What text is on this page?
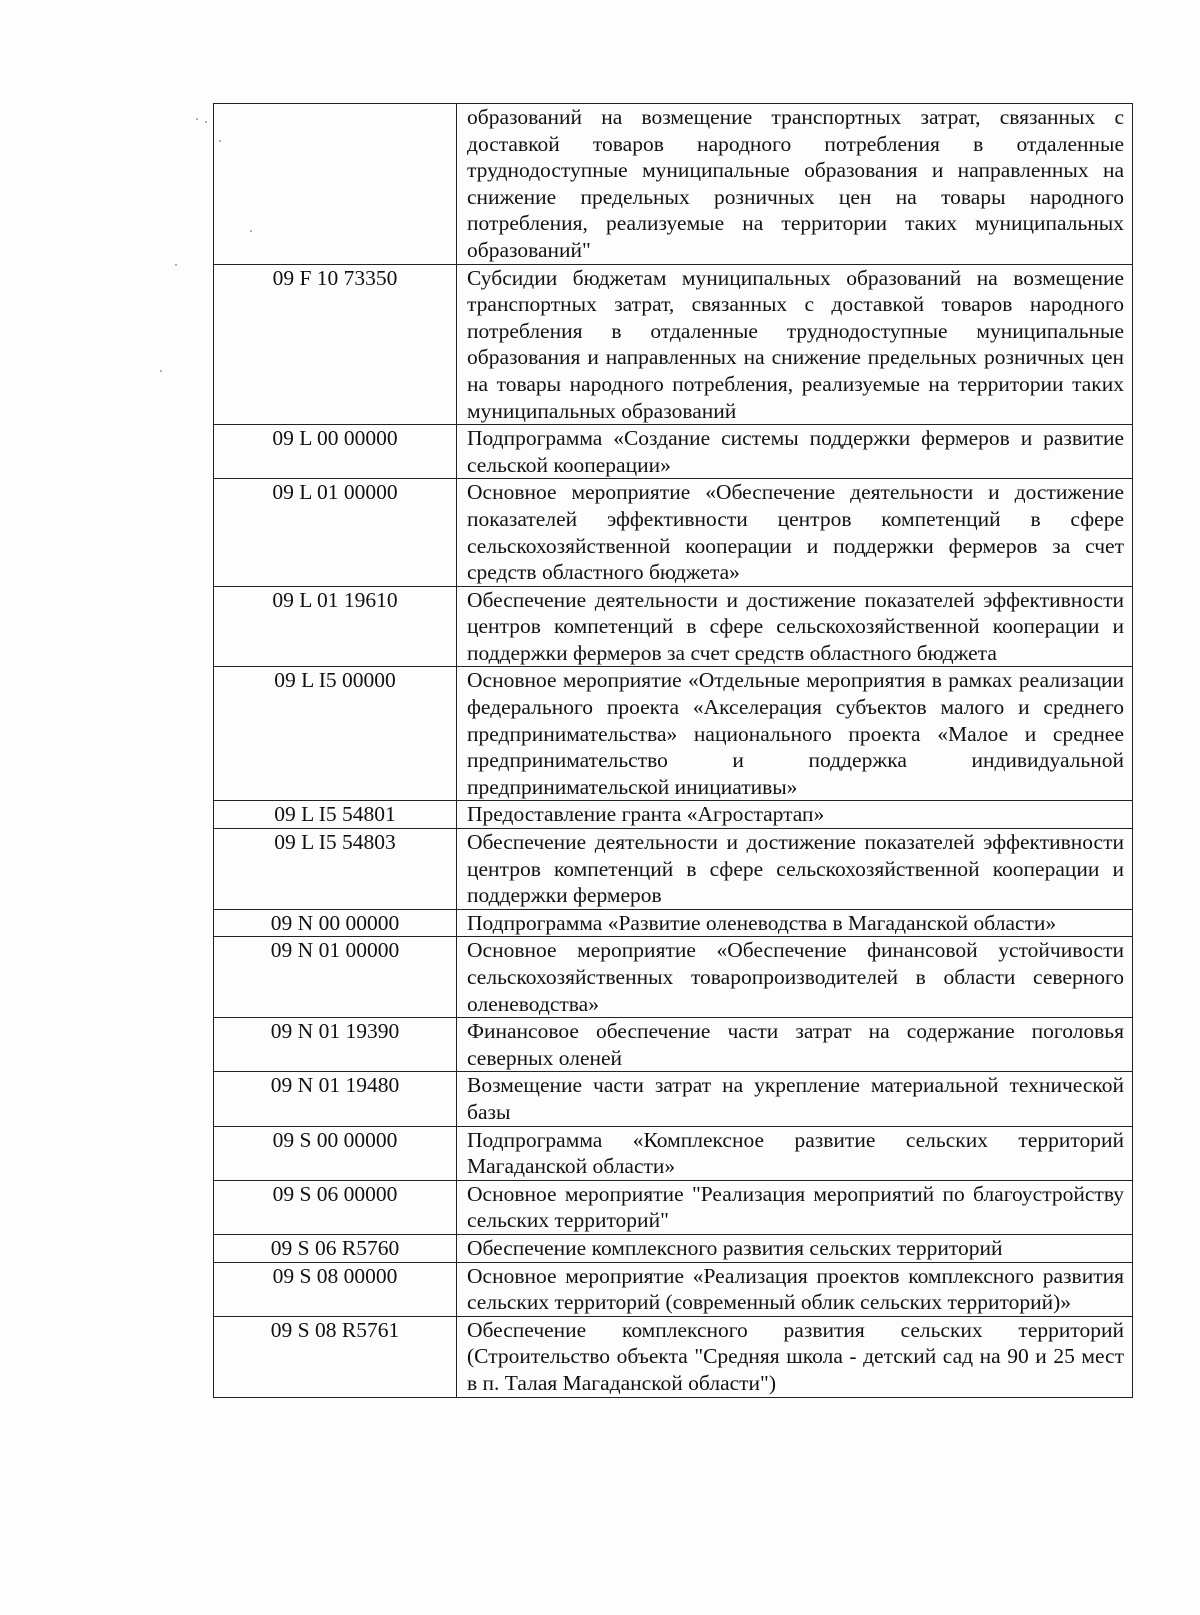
	образований на возмещение транспортных затрат, связанных с доставкой товаров народного потребления в отдаленные труднодоступные муниципальные образования и направленных на снижение предельных розничных цен на товары народного потребления, реализуемые на территории таких муниципальных образований"
09 F 10 73350	Субсидии бюджетам муниципальных образований на возмещение транспортных затрат, связанных с доставкой товаров народного потребления в отдаленные труднодоступные муниципальные образования и направленных на снижение предельных розничных цен на товары народного потребления, реализуемые на территории таких муниципальных образований
09 L 00 00000	Подпрограмма «Создание системы поддержки фермеров и развитие сельской кооперации»
09 L 01 00000	Основное мероприятие «Обеспечение деятельности и достижение показателей эффективности центров компетенций в сфере сельскохозяйственной кооперации и поддержки фермеров за счет средств областного бюджета»
09 L 01 19610	Обеспечение деятельности и достижение показателей эффективности центров компетенций в сфере сельскохозяйственной кооперации и поддержки фермеров за счет средств областного бюджета
09 L I5 00000	Основное мероприятие «Отдельные мероприятия в рамках реализации федерального проекта «Акселерация субъектов малого и среднего предпринимательства» национального проекта «Малое и среднее предпринимательство и поддержка индивидуальной предпринимательской инициативы»
09 L I5 54801	Предоставление гранта «Агростартап»
09 L I5 54803	Обеспечение деятельности и достижение показателей эффективности центров компетенций в сфере сельскохозяйственной кооперации и поддержки фермеров
09 N 00 00000	Подпрограмма «Развитие оленеводства в Магаданской области»
09 N 01 00000	Основное мероприятие «Обеспечение финансовой устойчивости сельскохозяйственных товаропроизводителей в области северного оленеводства»
09 N 01 19390	Финансовое обеспечение части затрат на содержание поголовья северных оленей
09 N 01 19480	Возмещение части затрат на укрепление материальной технической базы
09 S 00 00000	Подпрограмма «Комплексное развитие сельских территорий Магаданской области»
09 S 06 00000	Основное мероприятие "Реализация мероприятий по благоустройству сельских территорий"
09 S 06 R5760	Обеспечение комплексного развития сельских территорий
09 S 08 00000	Основное мероприятие «Реализация проектов комплексного развития сельских территорий (современный облик сельских территорий)»
09 S 08 R5761	Обеспечение комплексного развития сельских территорий (Строительство объекта "Средняя школа - детский сад на 90 и 25 мест в п. Талая Магаданской области")
